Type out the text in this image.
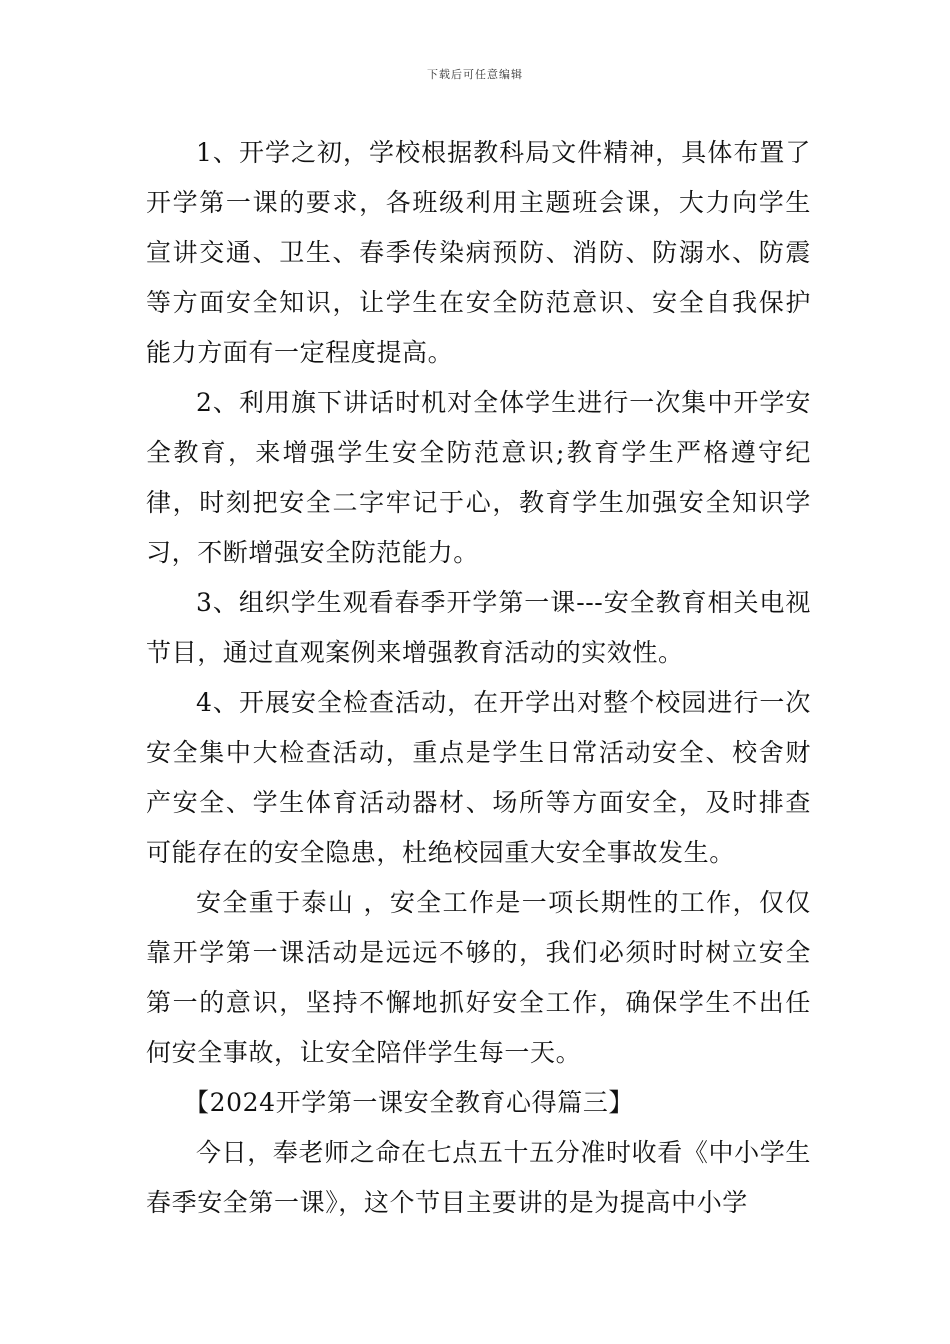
下载后可任意编辑

1、开学之初，学校根据教科局文件精神，具体布置了开学第一课的要求，各班级利用主题班会课，大力向学生宣讲交通、卫生、春季传染病预防、消防、防溺水、防震等方面安全知识，让学生在安全防范意识、安全自我保护能力方面有一定程度提高。

2、利用旗下讲话时机对全体学生进行一次集中开学安全教育，来增强学生安全防范意识;教育学生严格遵守纪律，时刻把安全二字牢记于心，教育学生加强安全知识学习，不断增强安全防范能力。

3、组织学生观看春季开学第一课---安全教育相关电视节目，通过直观案例来增强教育活动的实效性。

4、开展安全检查活动，在开学出对整个校园进行一次安全集中大检查活动，重点是学生日常活动安全、校舍财产安全、学生体育活动器材、场所等方面安全，及时排查可能存在的安全隐患，杜绝校园重大安全事故发生。

安全重于泰山 ，安全工作是一项长期性的工作，仅仅靠开学第一课活动是远远不够的，我们必须时时树立安全第一的意识，坚持不懈地抓好安全工作，确保学生不出任何安全事故，让安全陪伴学生每一天。

【2024开学第一课安全教育心得篇三】

今日，奉老师之命在七点五十五分准时收看《中小学生春季安全第一课》，这个节目主要讲的是为提高中小学
